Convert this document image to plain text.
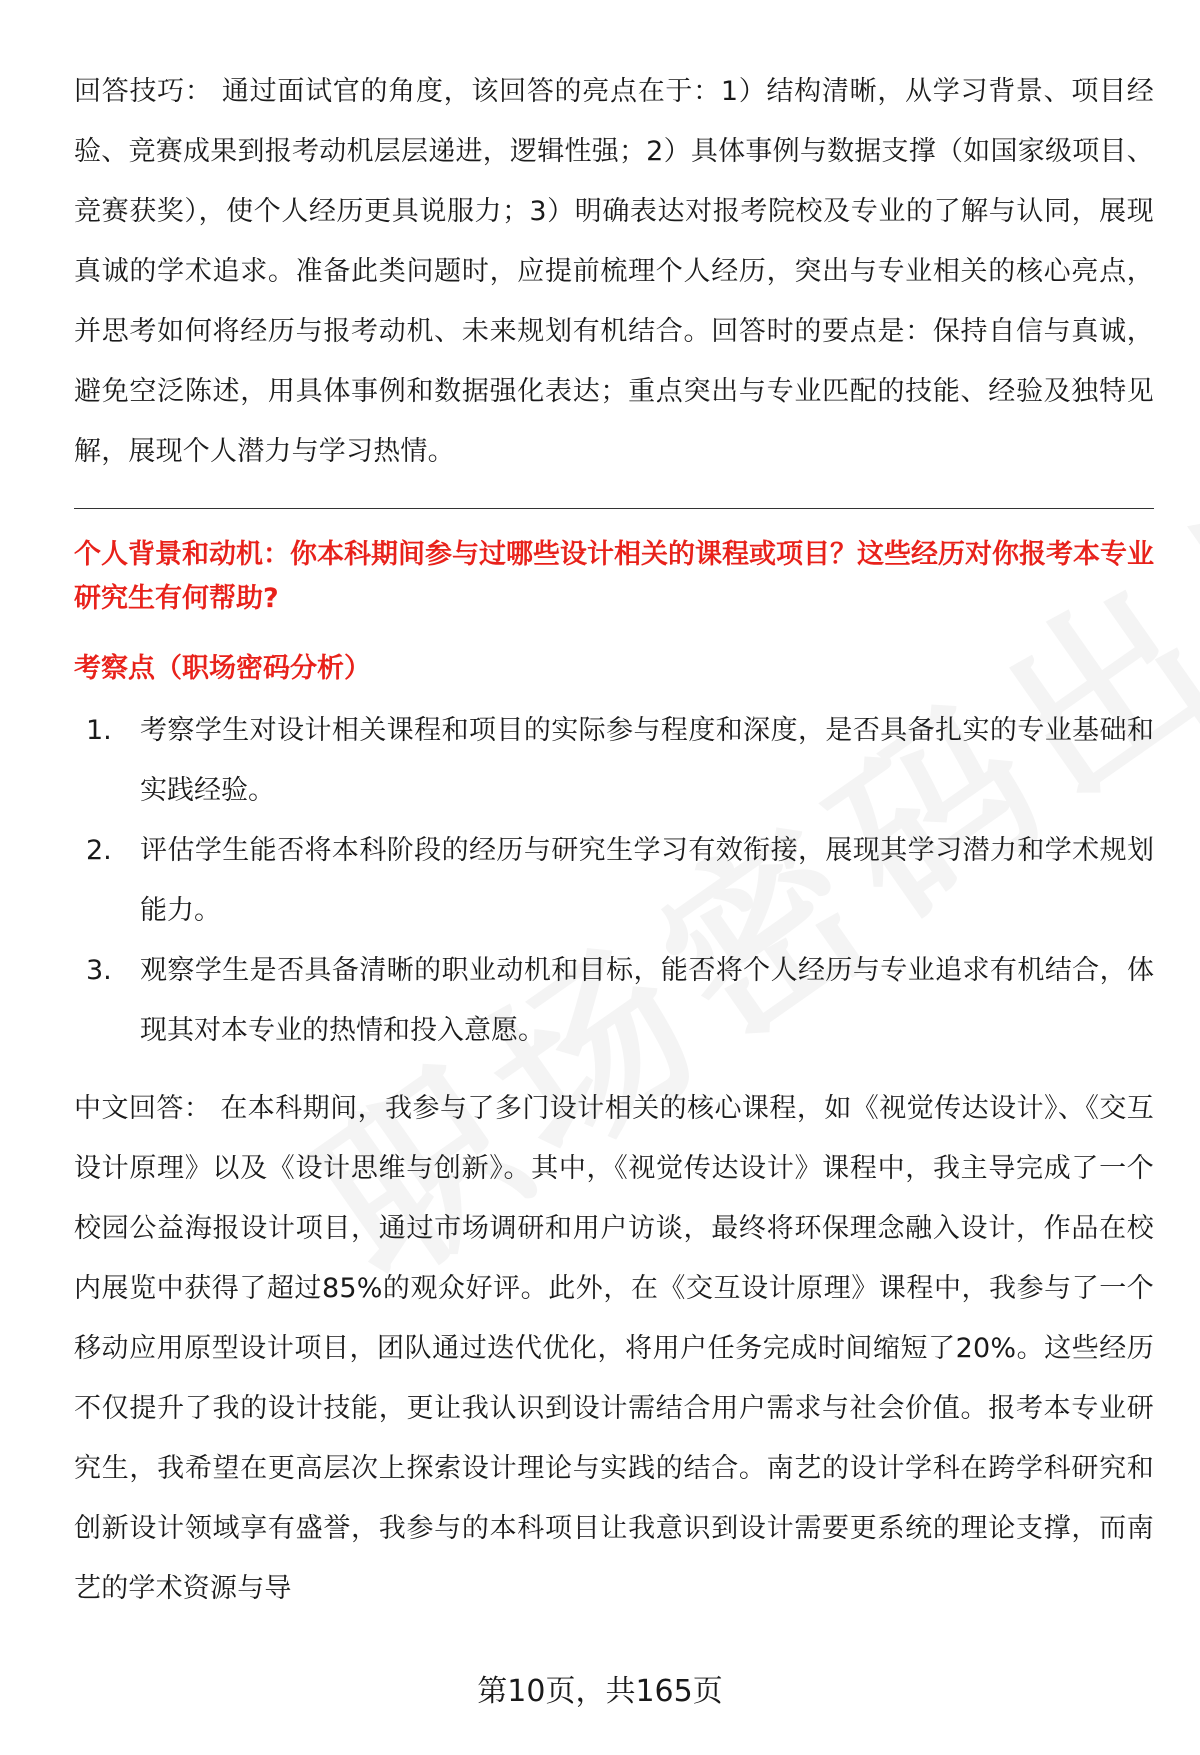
回答技巧： 通过面试官的角度，该回答的亮点在于：1）结构清晰，从学习背景、项目经验、竞赛成果到报考动机层层递进，逻辑性强；2）具体事例与数据支撑（如国家级项目、竞赛获奖），使个人经历更具说服力；3）明确表达对报考院校及专业的了解与认同，展现真诚的学术追求。准备此类问题时，应提前梳理个人经历，突出与专业相关的核心亮点，并思考如何将经历与报考动机、未来规划有机结合。回答时的要点是：保持自信与真诚，避免空泛陈述，用具体事例和数据强化表达；重点突出与专业匹配的技能、经验及独特见解，展现个人潜力与学习热情。

个人背景和动机：你本科期间参与过哪些设计相关的课程或项目？这些经历对你报考本专业研究生有何帮助?

考察点（职场密码分析）

1.	考察学生对设计相关课程和项目的实际参与程度和深度，是否具备扎实的专业基础和实践经验。
2.	评估学生能否将本科阶段的经历与研究生学习有效衔接，展现其学习潜力和学术规划能力。
3.	观察学生是否具备清晰的职业动机和目标，能否将个人经历与专业追求有机结合，体现其对本专业的热情和投入意愿。

中文回答： 在本科期间，我参与了多门设计相关的核心课程，如《视觉传达设计》、《交互设计原理》以及《设计思维与创新》。其中，《视觉传达设计》课程中，我主导完成了一个校园公益海报设计项目，通过市场调研和用户访谈，最终将环保理念融入设计，作品在校内展览中获得了超过85%的观众好评。此外，在《交互设计原理》课程中，我参与了一个移动应用原型设计项目，团队通过迭代优化，将用户任务完成时间缩短了20%。这些经历不仅提升了我的设计技能，更让我认识到设计需结合用户需求与社会价值。报考本专业研究生，我希望在更高层次上探索设计理论与实践的结合。南艺的设计学科在跨学科研究和创新设计领域享有盛誉，我参与的本科项目让我意识到设计需要更系统的理论支撑，而南艺的学术资源与导

第10页，共165页
